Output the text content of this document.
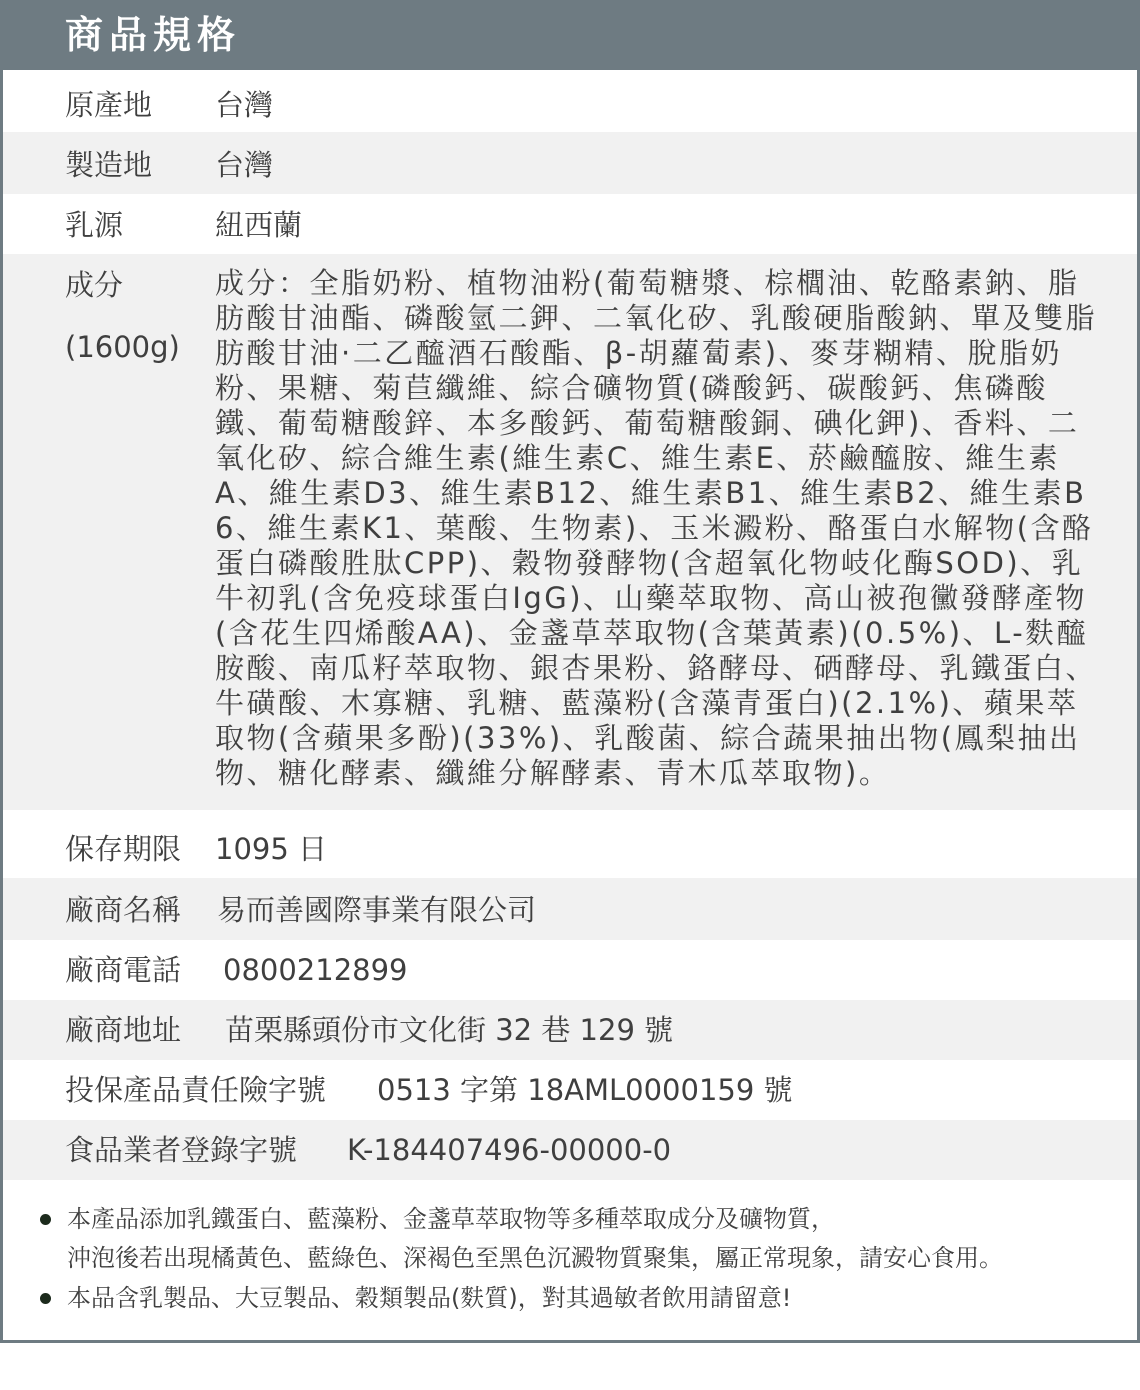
商品規格
原產地 台灣
製造地 台灣
乳源	紐西蘭
成分
(1600g)
成分：全脂奶粉、植物油粉(葡萄糖漿、棕櫚油、乾酪素鈉、脂肪酸甘油酯、磷酸氫二鉀、二氧化矽、乳酸硬脂酸鈉、單及雙脂肪酸甘油·二乙醯酒石酸酯、β-胡蘿蔔素)、麥芽糊精、脫脂奶粉、果糖、菊苣纖維、綜合礦物質(磷酸鈣、碳酸鈣、焦磷酸鐵、葡萄糖酸鋅、本多酸鈣、葡萄糖酸銅、碘化鉀)、香料、二氧化矽、綜合維生素(維生素C、維生素E、菸鹼醯胺、維生素A、維生素D3、維生素B12、維生素B1、維生素B2、維生素B6、維生素K1、葉酸、生物素)、玉米澱粉、酪蛋白水解物(含酪蛋白磷酸胜肽CPP)、穀物發酵物(含超氧化物岐化酶SOD)、乳牛初乳(含免疫球蛋白IgG)、山藥萃取物、高山被孢黴發酵產物(含花生四烯酸AA)、金盞草萃取物(含葉黃素)(0.5%)、L-麩醯胺酸、南瓜籽萃取物、銀杏果粉、鉻酵母、硒酵母、乳鐵蛋白、牛磺酸、木寡糖、乳糖、藍藻粉(含藻青蛋白)(2.1%)、蘋果萃取物(含蘋果多酚)(33%)、乳酸菌、綜合蔬果抽出物(鳳梨抽出物、糖化酵素、纖維分解酵素、青木瓜萃取物)。
保存期限 1095 日
廠商名稱 易而善國際事業有限公司
廠商電話 0800212899
廠商地址 苗栗縣頭份市文化街 32 巷 129 號
投保產品責任險字號 0513 字第 18AML0000159 號
食品業者登錄字號 K-184407496-00000-0
本產品添加乳鐵蛋白、藍藻粉、金盞草萃取物等多種萃取成分及礦物質，
沖泡後若出現橘黃色、藍綠色、深褐色至黑色沉澱物質聚集，屬正常現象，請安心食用。
本品含乳製品、大豆製品、穀類製品(麩質)，對其過敏者飲用請留意!
